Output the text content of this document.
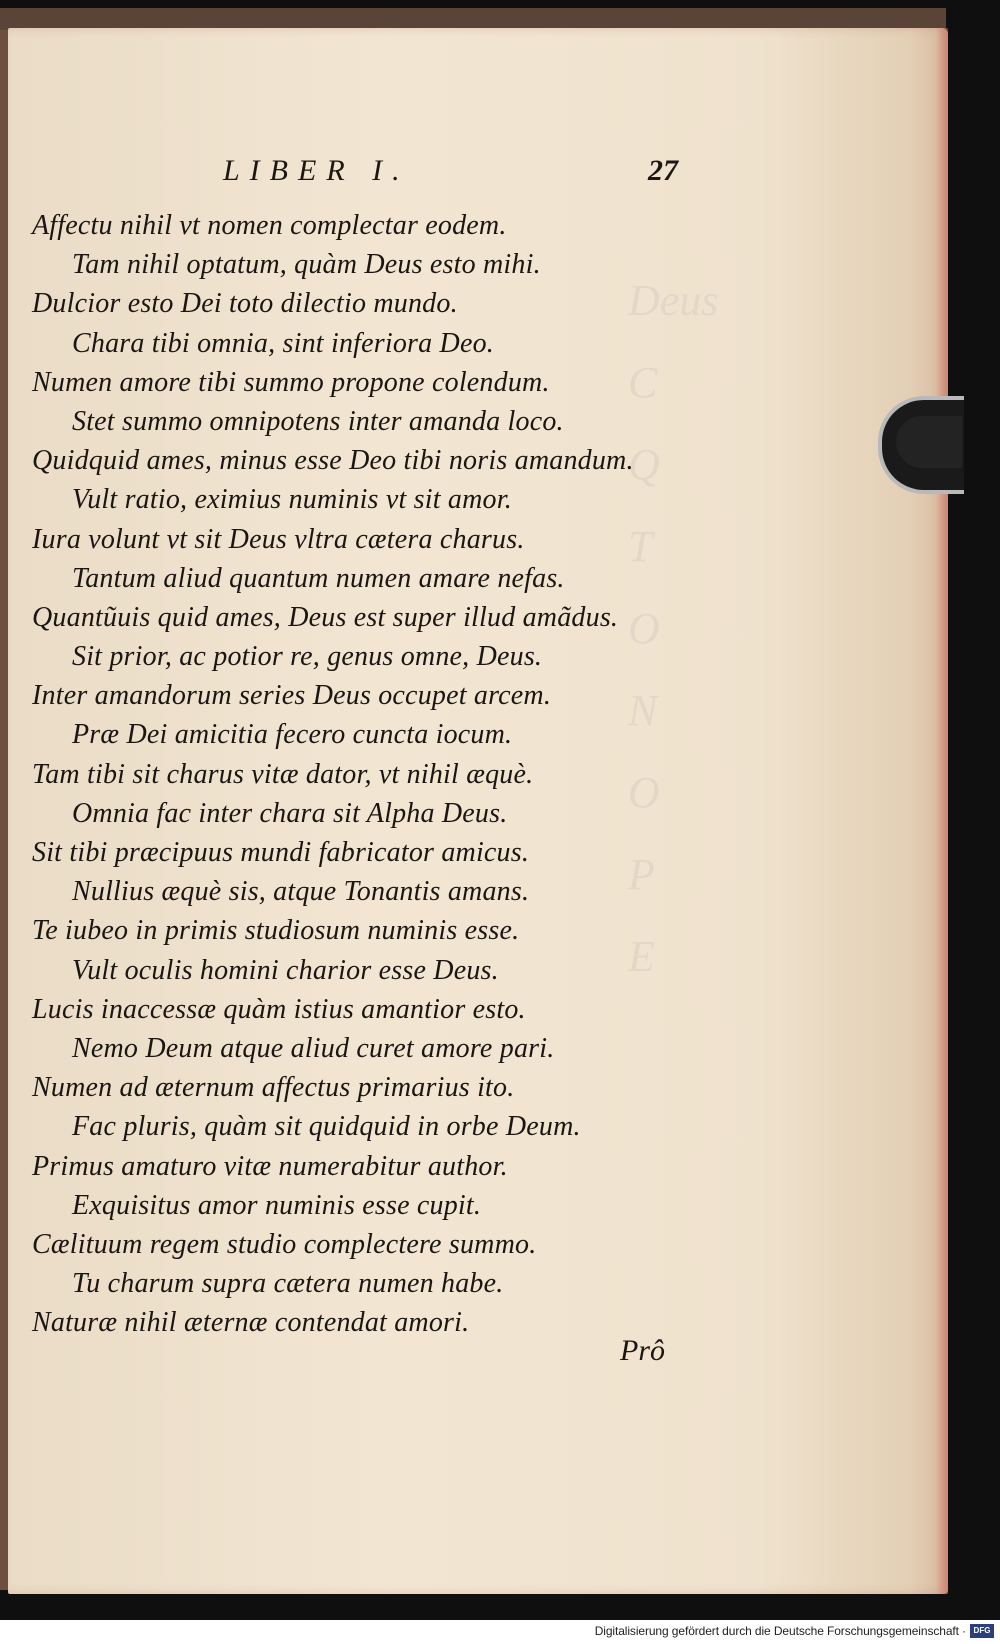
Deus
C
Q
T
O
N
O
P
E

LIBER I.	27
Affectu nihil vt nomen complectar eodem.
Tam nihil optatum, quàm Deus esto mihi.
Dulcior esto Dei toto dilectio mundo.
Chara tibi omnia, sint inferiora Deo.
Numen amore tibi summo propone colendum.
Stet summo omnipotens inter amanda loco.
Quidquid ames, minus esse Deo tibi noris amandum.
Vult ratio, eximius numinis vt sit amor.
Iura volunt vt sit Deus vltra cætera charus.
Tantum aliud quantum numen amare nefas.
Quantũuis quid ames, Deus est super illud amãdus.
Sit prior, ac potior re, genus omne, Deus.
Inter amandorum series Deus occupet arcem.
Præ Dei amicitia fecero cuncta iocum.
Tam tibi sit charus vitæ dator, vt nihil æquè.
Omnia fac inter chara sit Alpha Deus.
Sit tibi præcipuus mundi fabricator amicus.
Nullius æquè sis, atque Tonantis amans.
Te iubeo in primis studiosum numinis esse.
Vult oculis homini charior esse Deus.
Lucis inaccessæ quàm istius amantior esto.
Nemo Deum atque aliud curet amore pari.
Numen ad æternum affectus primarius ito.
Fac pluris, quàm sit quidquid in orbe Deum.
Primus amaturo vitæ numerabitur author.
Exquisitus amor numinis esse cupit.
Cælituum regem studio complectere summo.
Tu charum supra cætera numen habe.
Naturæ nihil æternæ contendat amori.
Prô
Digitalisierung gefördert durch die Deutsche Forschungsgemeinschaft · DFG
